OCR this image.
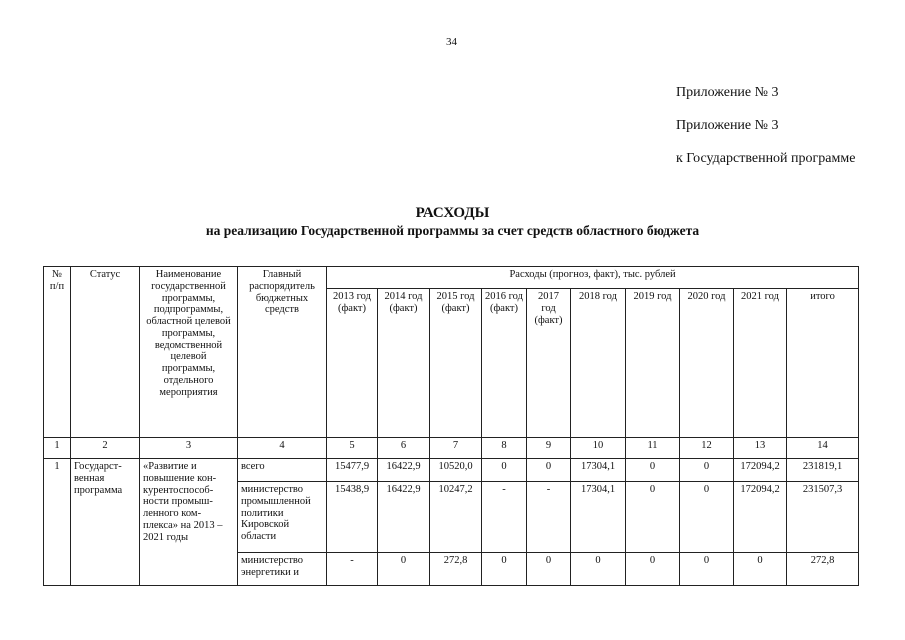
34
Приложение № 3
Приложение № 3
к Государственной программе
РАСХОДЫ
на реализацию Государственной программы за счет средств областного бюджета
№ п/п	Статус	Наименование государственной программы, подпрограммы, областной целевой программы, ведомственной целевой программы, отдельного мероприятия	Главный распорядитель бюджетных средств	Расходы (прогноз, факт), тыс. рублей									
				2013 год (факт)	2014 год (факт)	2015 год (факт)	2016 год (факт)	2017 год (факт)	2018 год	2019 год	2020 год	2021 год	итого
1	2	3	4	5	6	7	8	9	10	11	12	13	14
1	Государст-венная программа	«Развитие и повышение кон-курентоспособ-ности промыш-ленного ком-плекса» на 2013 – 2021 годы	всего	15477,9	16422,9	10520,0	0	0	17304,1	0	0	172094,2	231819,1
			министерство промышленной политики Кировской области	15438,9	16422,9	10247,2	-	-	17304,1	0	0	172094,2	231507,3
			министерство энергетики и	-	0	272,8	0	0	0	0	0	0	272,8
